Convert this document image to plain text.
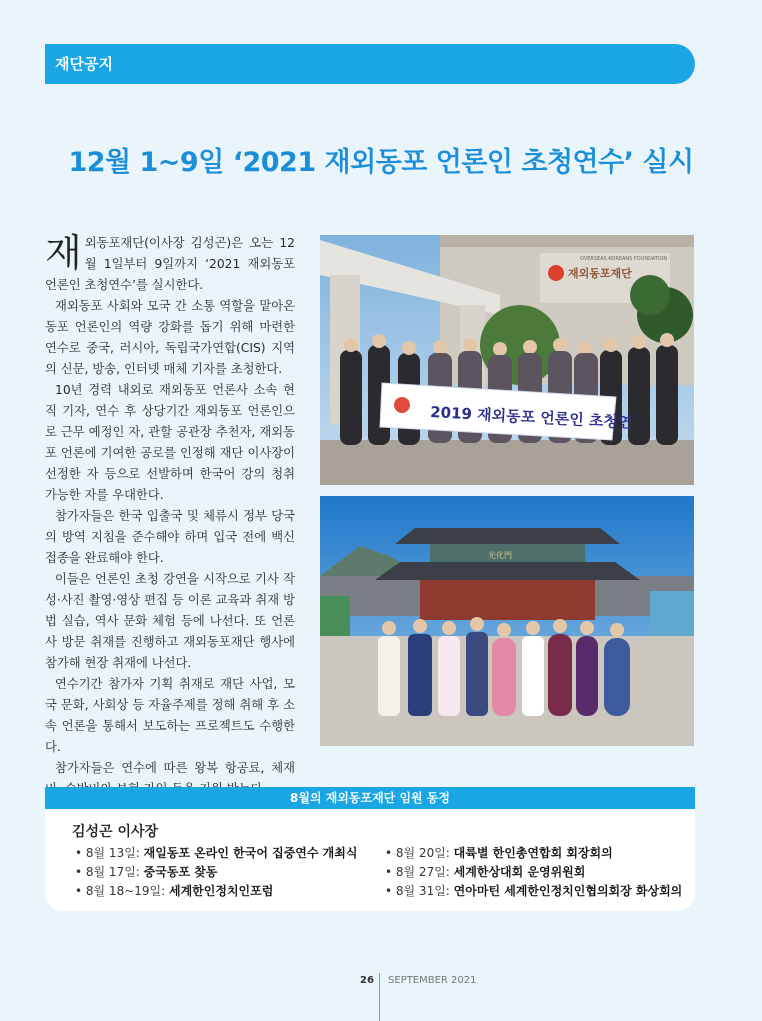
재단공지
12월 1~9일 ‘2021 재외동포 언론인 초청연수’ 실시

재외동포재단(이사장 김성곤)은 오는 12월 1일부터 9일까지 ‘2021 재외동포 언론인 초청연수’를 실시한다.

재외동포 사회와 모국 간 소통 역할을 맡아온 동포 언론인의 역량 강화를 돕기 위해 마련한 연수로 중국, 러시아, 독립국가연합(CIS) 지역의 신문, 방송, 인터넷 매체 기자를 초청한다.

10년 경력 내외로 재외동포 언론사 소속 현직 기자, 연수 후 상당기간 재외동포 언론인으로 근무 예정인 자, 관할 공관장 추천자, 재외동포 언론에 기여한 공로를 인정해 재단 이사장이 선정한 자 등으로 선발하며 한국어 강의 청취 가능한 자를 우대한다.

참가자들은 한국 입출국 및 체류시 정부 당국의 방역 지침을 준수해야 하며 입국 전에 백신 접종을 완료해야 한다.

이들은 언론인 초청 강연을 시작으로 기사 작성·사진 촬영·영상 편집 등 이론 교육과 취재 방법 실습, 역사 문화 체험 등에 나선다. 또 언론사 방문 취재를 진행하고 재외동포재단 행사에 참가해 현장 취재에 나선다.

연수기간 참가자 기획 취재로 재단 사업, 모국 문화, 사회상 등 자율주제를 정해 취해 후 소속 언론을 통해서 보도하는 프로젝트도 수행한다.

참가자들은 연수에 따른 왕복 항공료, 체재

OVERSEAS KOREANS FOUNDATION
재외동포재단
2019 재외동포 언론인 초청연
光化門
8월의 재외동포재단 임원 동정
김성곤 이사장
• 8월 13일: 재일동포 온라인 한국어 집중연수 개최식
• 8월 17일: 중국동포 찾동
• 8월 18~19일: 세계한인정치인포럼
• 8월 20일: 대륙별 한인총연합회 회장회의
• 8월 27일: 세계한상대회 운영위원회
• 8월 31일: 연아마틴 세계한인정치인협의회장 화상회의
26 SEPTEMBER 2021
